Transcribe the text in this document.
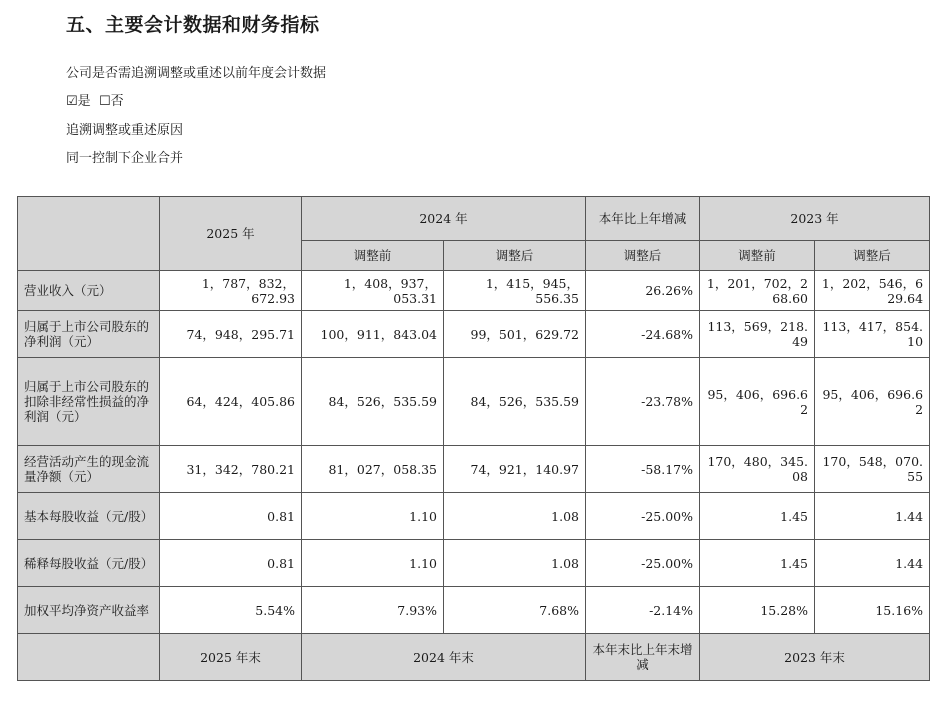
五、主要会计数据和财务指标
公司是否需追溯调整或重述以前年度会计数据
☑是 ☐否
追溯调整或重述原因
同一控制下企业合并
	2025 年	2024 年		本年比上年增减	2023 年	
		调整前	调整后	调整后	调整前	调整后
营业收入（元）	1，787，832，672.93	1，408，937，053.31	1，415，945，556.35	26.26%	1，201，702，268.60	1，202，546，629.64
归属于上市公司股东的净利润（元）	74，948，295.71	100，911，843.04	99，501，629.72	-24.68%	113，569，218.49	113，417，854.10
归属于上市公司股东的扣除非经常性损益的净利润（元）	64，424，405.86	84，526，535.59	84，526，535.59	-23.78%	95，406，696.62	95，406，696.62
经营活动产生的现金流量净额（元）	31，342，780.21	81，027，058.35	74，921，140.97	-58.17%	170，480，345.08	170，548，070.55
基本每股收益（元/股）	0.81	1.10	1.08	-25.00%	1.45	1.44
稀释每股收益（元/股）	0.81	1.10	1.08	-25.00%	1.45	1.44
加权平均净资产收益率	5.54%	7.93%	7.68%	-2.14%	15.28%	15.16%
	2025 年末	2024 年末		本年末比上年末增减	2023 年末	
